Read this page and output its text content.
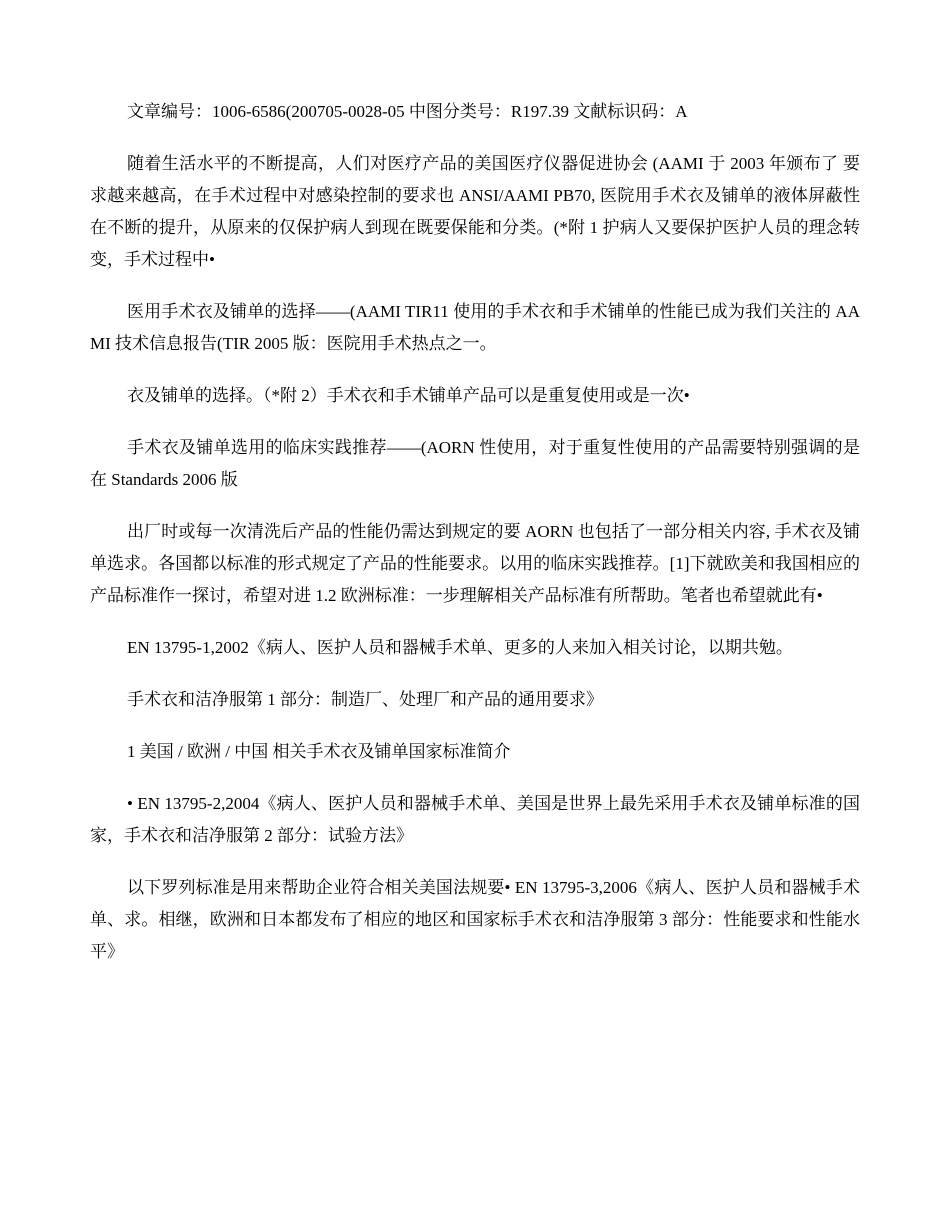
文章编号：1006-6586(200705-0028-05 中图分类号：R197.39 文献标识码：A

随着生活水平的不断提高，人们对医疗产品的美国医疗仪器促进协会 (AAMI 于 2003 年颁布了 要求越来越高，在手术过程中对感染控制的要求也 ANSI/AAMI PB70, 医院用手术衣及铺单的液体屏蔽性在不断的提升，从原来的仅保护病人到现在既要保能和分类。(*附 1 护病人又要保护医护人员的理念转变，手术过程中•

医用手术衣及铺单的选择——(AAMI TIR11 使用的手术衣和手术铺单的性能已成为我们关注的 AAMI 技术信息报告(TIR 2005 版：医院用手术热点之一。

衣及铺单的选择。（*附 2）手术衣和手术铺单产品可以是重复使用或是一次•

手术衣及铺单选用的临床实践推荐——(AORN 性使用，对于重复性使用的产品需要特别强调的是在 Standards 2006 版

出厂时或每一次清洗后产品的性能仍需达到规定的要 AORN 也包括了一部分相关内容, 手术衣及铺单选求。各国都以标准的形式规定了产品的性能要求。以用的临床实践推荐。[1]下就欧美和我国相应的产品标准作一探讨，希望对进 1.2 欧洲标准：一步理解相关产品标准有所帮助。笔者也希望就此有•

EN 13795-1,2002《病人、医护人员和器械手术单、更多的人来加入相关讨论，以期共勉。

手术衣和洁净服第 1 部分：制造厂、处理厂和产品的通用要求》

1 美国 / 欧洲 / 中国 相关手术衣及铺单国家标准简介

• EN 13795-2,2004《病人、医护人员和器械手术单、美国是世界上最先采用手术衣及铺单标准的国家，手术衣和洁净服第 2 部分：试验方法》

以下罗列标准是用来帮助企业符合相关美国法规要• EN 13795-3,2006《病人、医护人员和器械手术单、求。相继，欧洲和日本都发布了相应的地区和国家标手术衣和洁净服第 3 部分：性能要求和性能水平》
